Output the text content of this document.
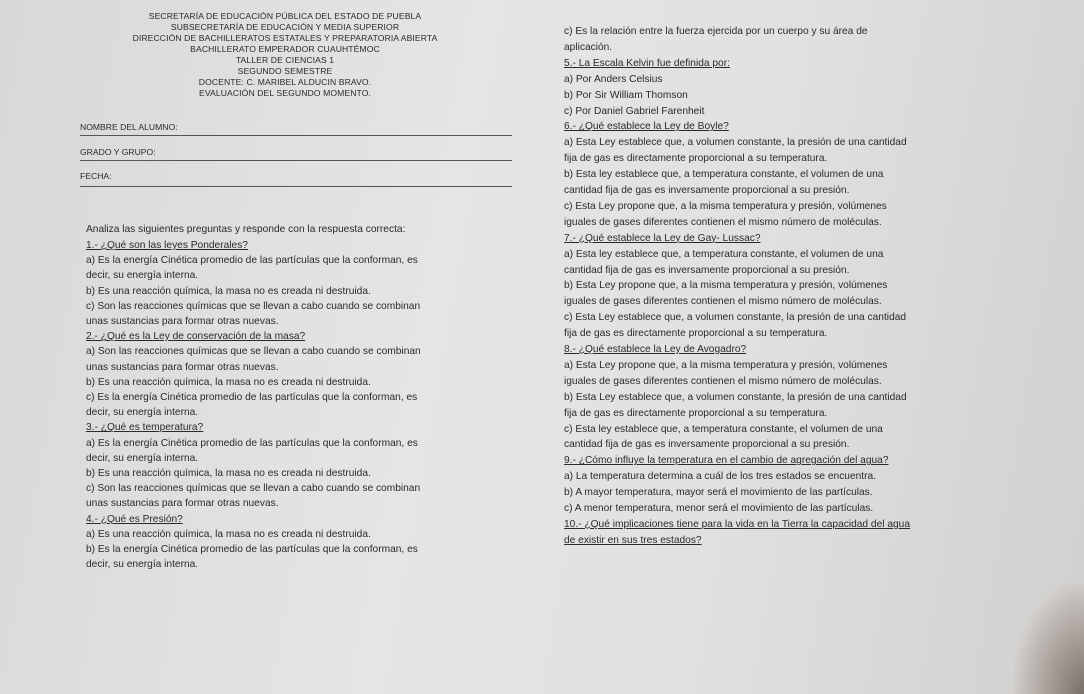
SECRETARÍA DE EDUCACIÓN PÚBLICA DEL ESTADO DE PUEBLA
SUBSECRETARÍA DE EDUCACIÓN Y MEDIA SUPERIOR
DIRECCIÓN DE BACHILLERATOS ESTATALES Y PREPARATORIA ABIERTA
BACHILLERATO EMPERADOR CUAUHTÉMOC
TALLER DE CIENCIAS 1
SEGUNDO SEMESTRE
DOCENTE: C. MARIBEL ALDUCIN BRAVO.
EVALUACIÓN DEL SEGUNDO MOMENTO.
NOMBRE DEL ALUMNO:
GRADO Y GRUPO:
FECHA:
Analiza las siguientes preguntas y responde con la respuesta correcta:
1.- ¿Qué son las leyes Ponderales?
a) Es la energía Cinética promedio de las partículas que la conforman, es
decir, su energía interna.
b) Es una reacción química, la masa no es creada ni destruida.
c) Son las reacciones químicas que se llevan a cabo cuando se combinan
unas sustancias para formar otras nuevas.
2.- ¿Qué es la Ley de conservación de la masa?
a) Son las reacciones químicas que se llevan a cabo cuando se combinan
unas sustancias para formar otras nuevas.
b) Es una reacción química, la masa no es creada ni destruida.
c) Es la energía Cinética promedio de las partículas que la conforman, es
decir, su energía interna.
3.- ¿Qué es temperatura?
a) Es la energía Cinética promedio de las partículas que la conforman, es
decir, su energía interna.
b) Es una reacción química, la masa no es creada ni destruida.
c) Son las reacciones químicas que se llevan a cabo cuando se combinan
unas sustancias para formar otras nuevas.
4.- ¿Qué es Presión?
a) Es una reacción química, la masa no es creada ni destruida.
b) Es la energía Cinética promedio de las partículas que la conforman, es
decir, su energía interna.
c) Es la relación entre la fuerza ejercida por un cuerpo y su área de
aplicación.
5.- La Escala Kelvin fue definida por:
a) Por Anders Celsius
b) Por Sir William Thomson
c) Por Daniel Gabriel Farenheit
6.- ¿Qué establece la Ley de Boyle?
a) Esta Ley establece que, a volumen constante, la presión de una cantidad
fija de gas es directamente proporcional a su temperatura.
b) Esta ley establece que, a temperatura constante, el volumen de una
cantidad fija de gas es inversamente proporcional a su presión.
c) Esta Ley propone que, a la misma temperatura y presión, volúmenes
iguales de gases diferentes contienen el mismo número de moléculas.
7.- ¿Qué establece la Ley de Gay- Lussac?
a) Esta ley establece que, a temperatura constante, el volumen de una
cantidad fija de gas es inversamente proporcional a su presión.
b) Esta Ley propone que, a la misma temperatura y presión, volúmenes
iguales de gases diferentes contienen el mismo número de moléculas.
c) Esta Ley establece que, a volumen constante, la presión de una cantidad
fija de gas es directamente proporcional a su temperatura.
8.- ¿Qué establece la Ley de Avogadro?
a) Esta Ley propone que, a la misma temperatura y presión, volúmenes
iguales de gases diferentes contienen el mismo número de moléculas.
b) Esta Ley establece que, a volumen constante, la presión de una cantidad
fija de gas es directamente proporcional a su temperatura.
c) Esta ley establece que, a temperatura constante, el volumen de una
cantidad fija de gas es inversamente proporcional a su presión.
9.- ¿Cómo influye la temperatura en el cambio de agregación del agua?
a) La temperatura determina a cuál de los tres estados se encuentra.
b) A mayor temperatura, mayor será el movimiento de las partículas.
c) A menor temperatura, menor será el movimiento de las partículas.
10.- ¿Qué implicaciones tiene para la vida en la Tierra la capacidad del agua
de existir en sus tres estados?
